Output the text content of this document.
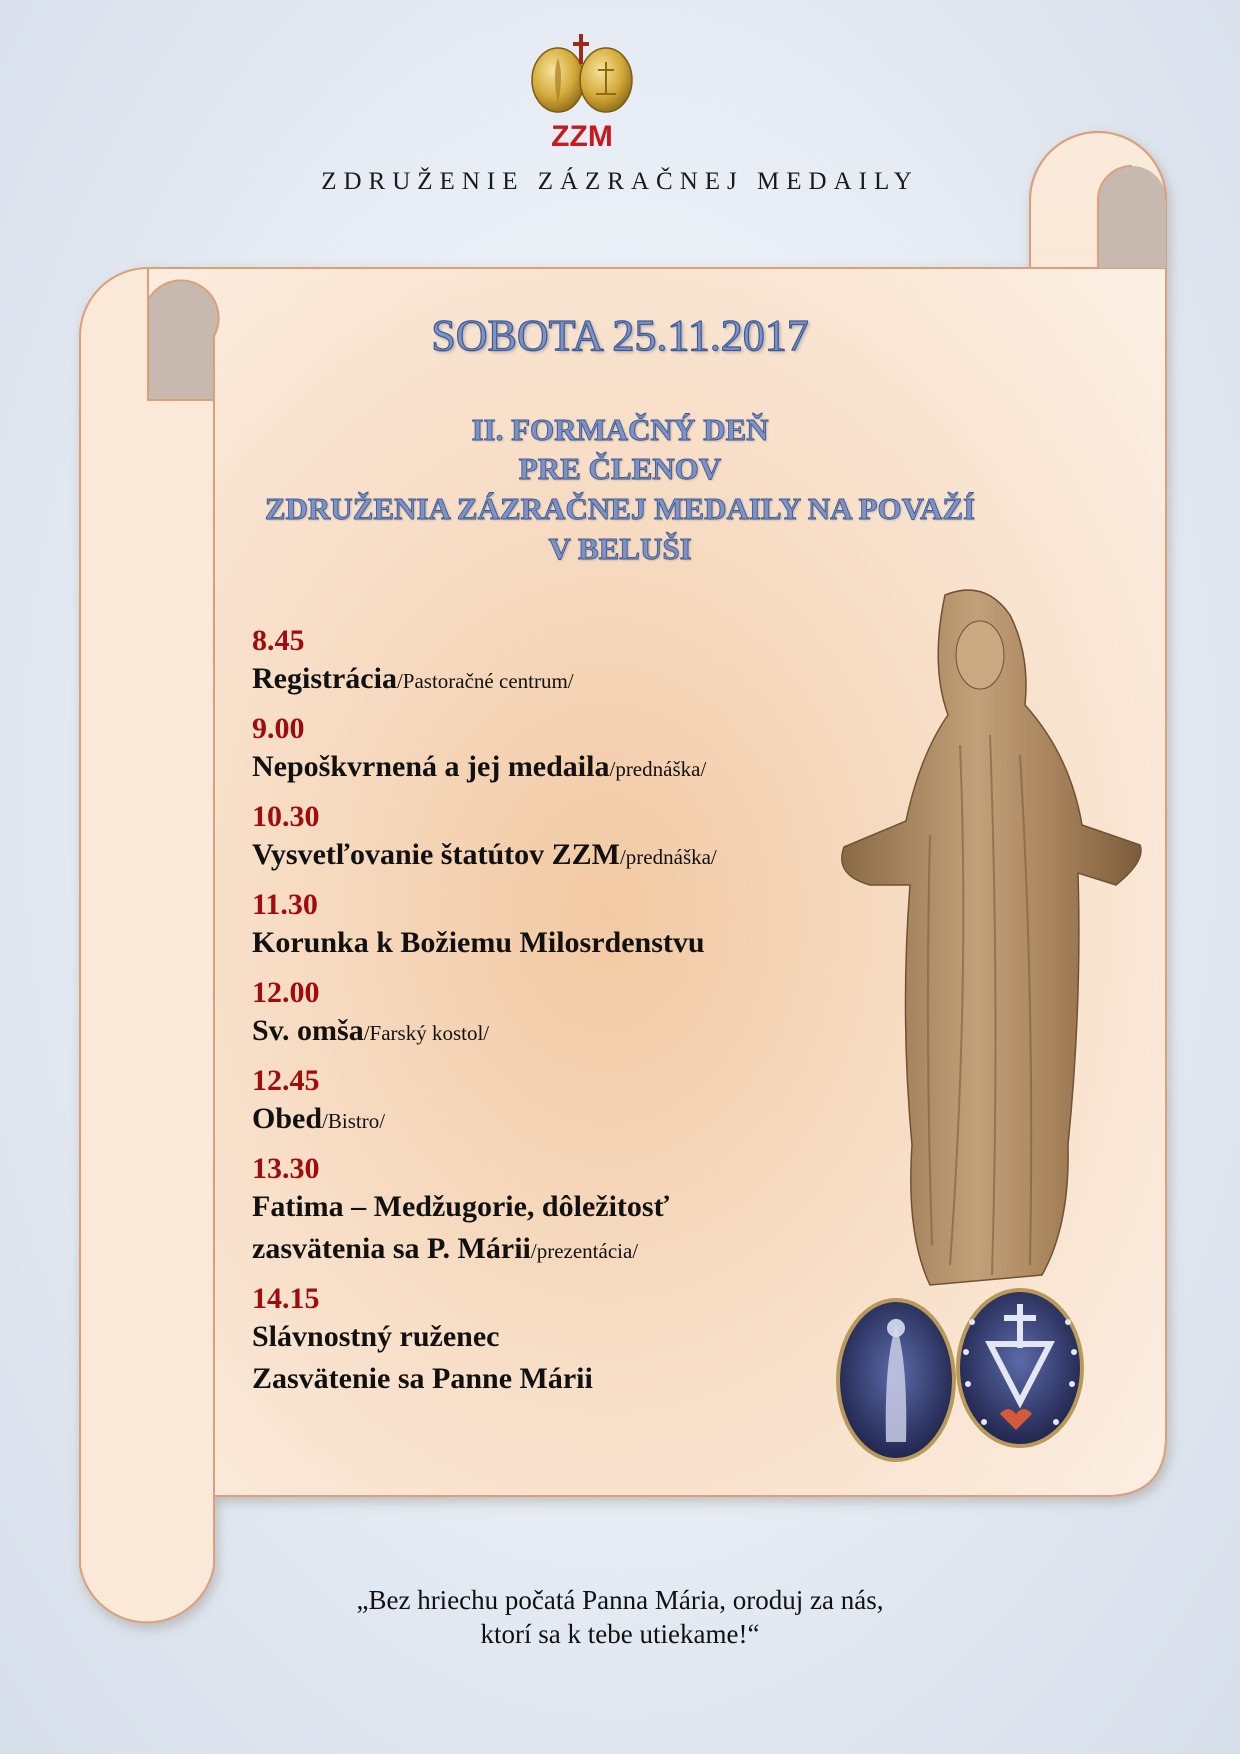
ZZM
ZDRUŽENIE ZÁZRAČNEJ MEDAILY
SOBOTA 25.11.2017
II. FORMAČNÝ DEŇ
PRE ČLENOV
ZDRUŽENIA ZÁZRAČNEJ MEDAILY NA POVAŽÍ
V BELUŠI
8.45
Registrácia/Pastoračné centrum/
9.00
Nepoškvrnená a jej medaila/prednáška/
10.30
Vysvetľovanie štatútov ZZM/prednáška/
11.30
Korunka k Božiemu Milosrdenstvu
12.00
Sv. omša/Farský kostol/
12.45
Obed/Bistro/
13.30
Fatima – Medžugorie, dôležitosť
zasvätenia sa P. Márii/prezentácia/
14.15
Slávnostný ruženec
Zasvätenie sa Panne Márii
„Bez hriechu počatá Panna Mária, oroduj za nás,
ktorí sa k tebe utiekame!“
